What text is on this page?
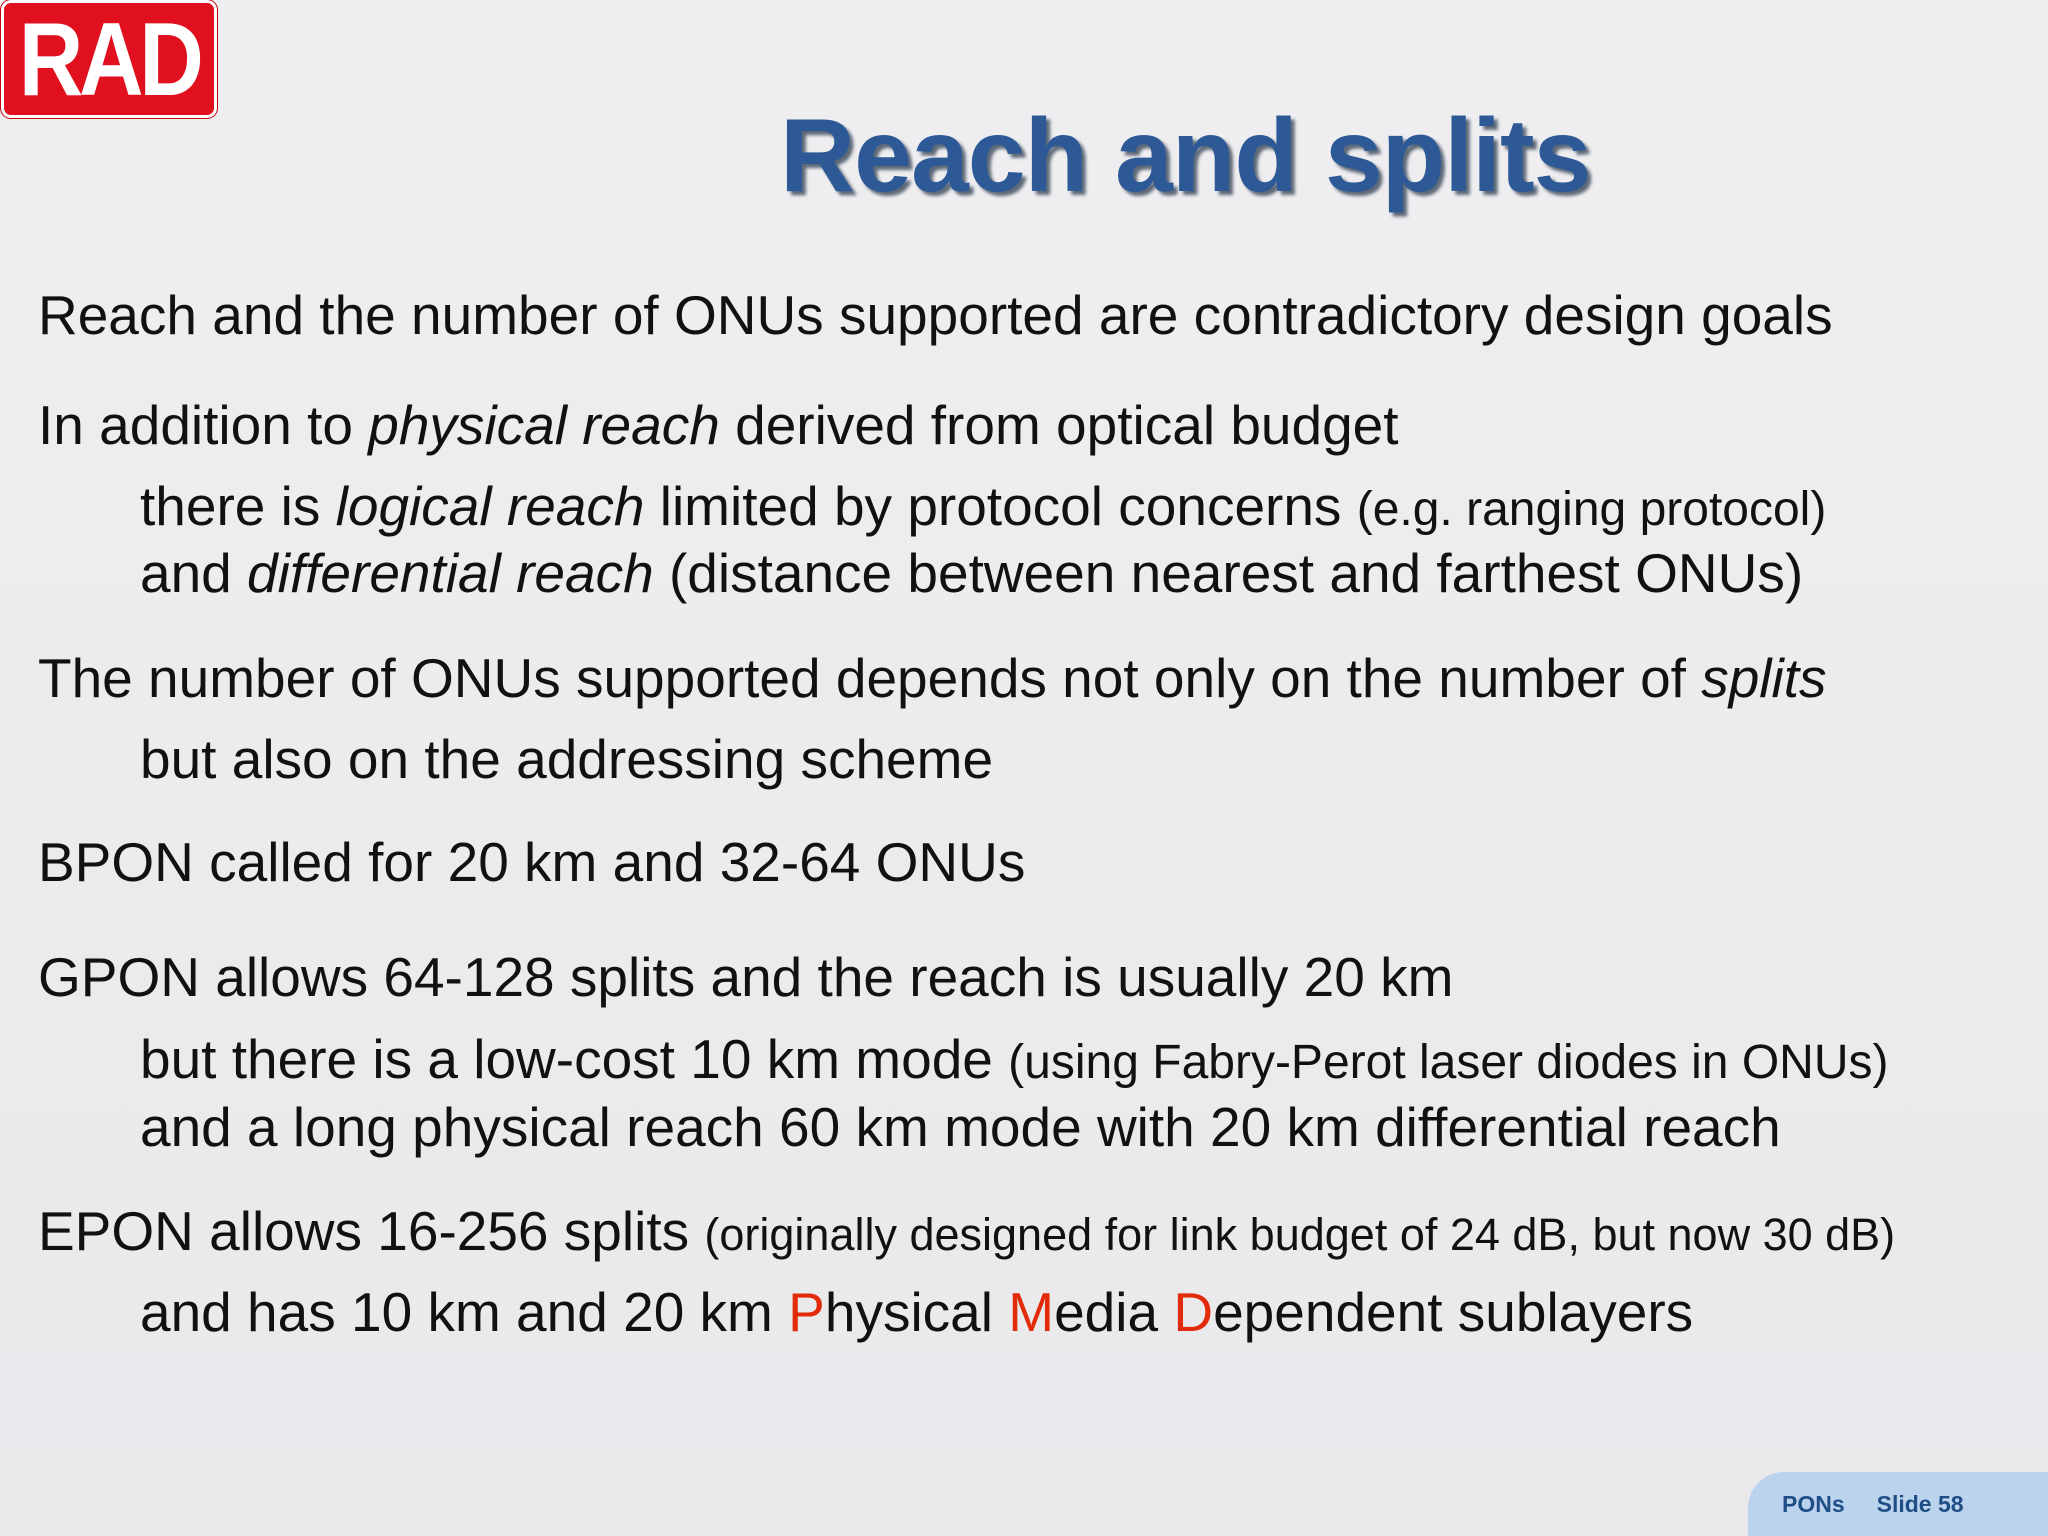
RAD
Reach and splits
Reach and the number of ONUs supported are contradictory design goals
In addition to physical reach derived from optical budget
there is logical reach limited by protocol concerns (e.g. ranging protocol)
and differential reach (distance between nearest and farthest ONUs)
The number of ONUs supported depends not only on the number of splits
but also on the addressing scheme
BPON called for 20 km and 32-64 ONUs
GPON allows 64-128 splits and the reach is usually 20 km
but there is a low-cost 10 km mode (using Fabry-Perot laser diodes in ONUs)
and a long physical reach 60 km mode with 20 km differential reach
EPON allows 16-256 splits (originally designed for link budget of 24 dB, but now 30 dB)
and has 10 km and 20 km Physical Media Dependent sublayers
PONs Slide 58
